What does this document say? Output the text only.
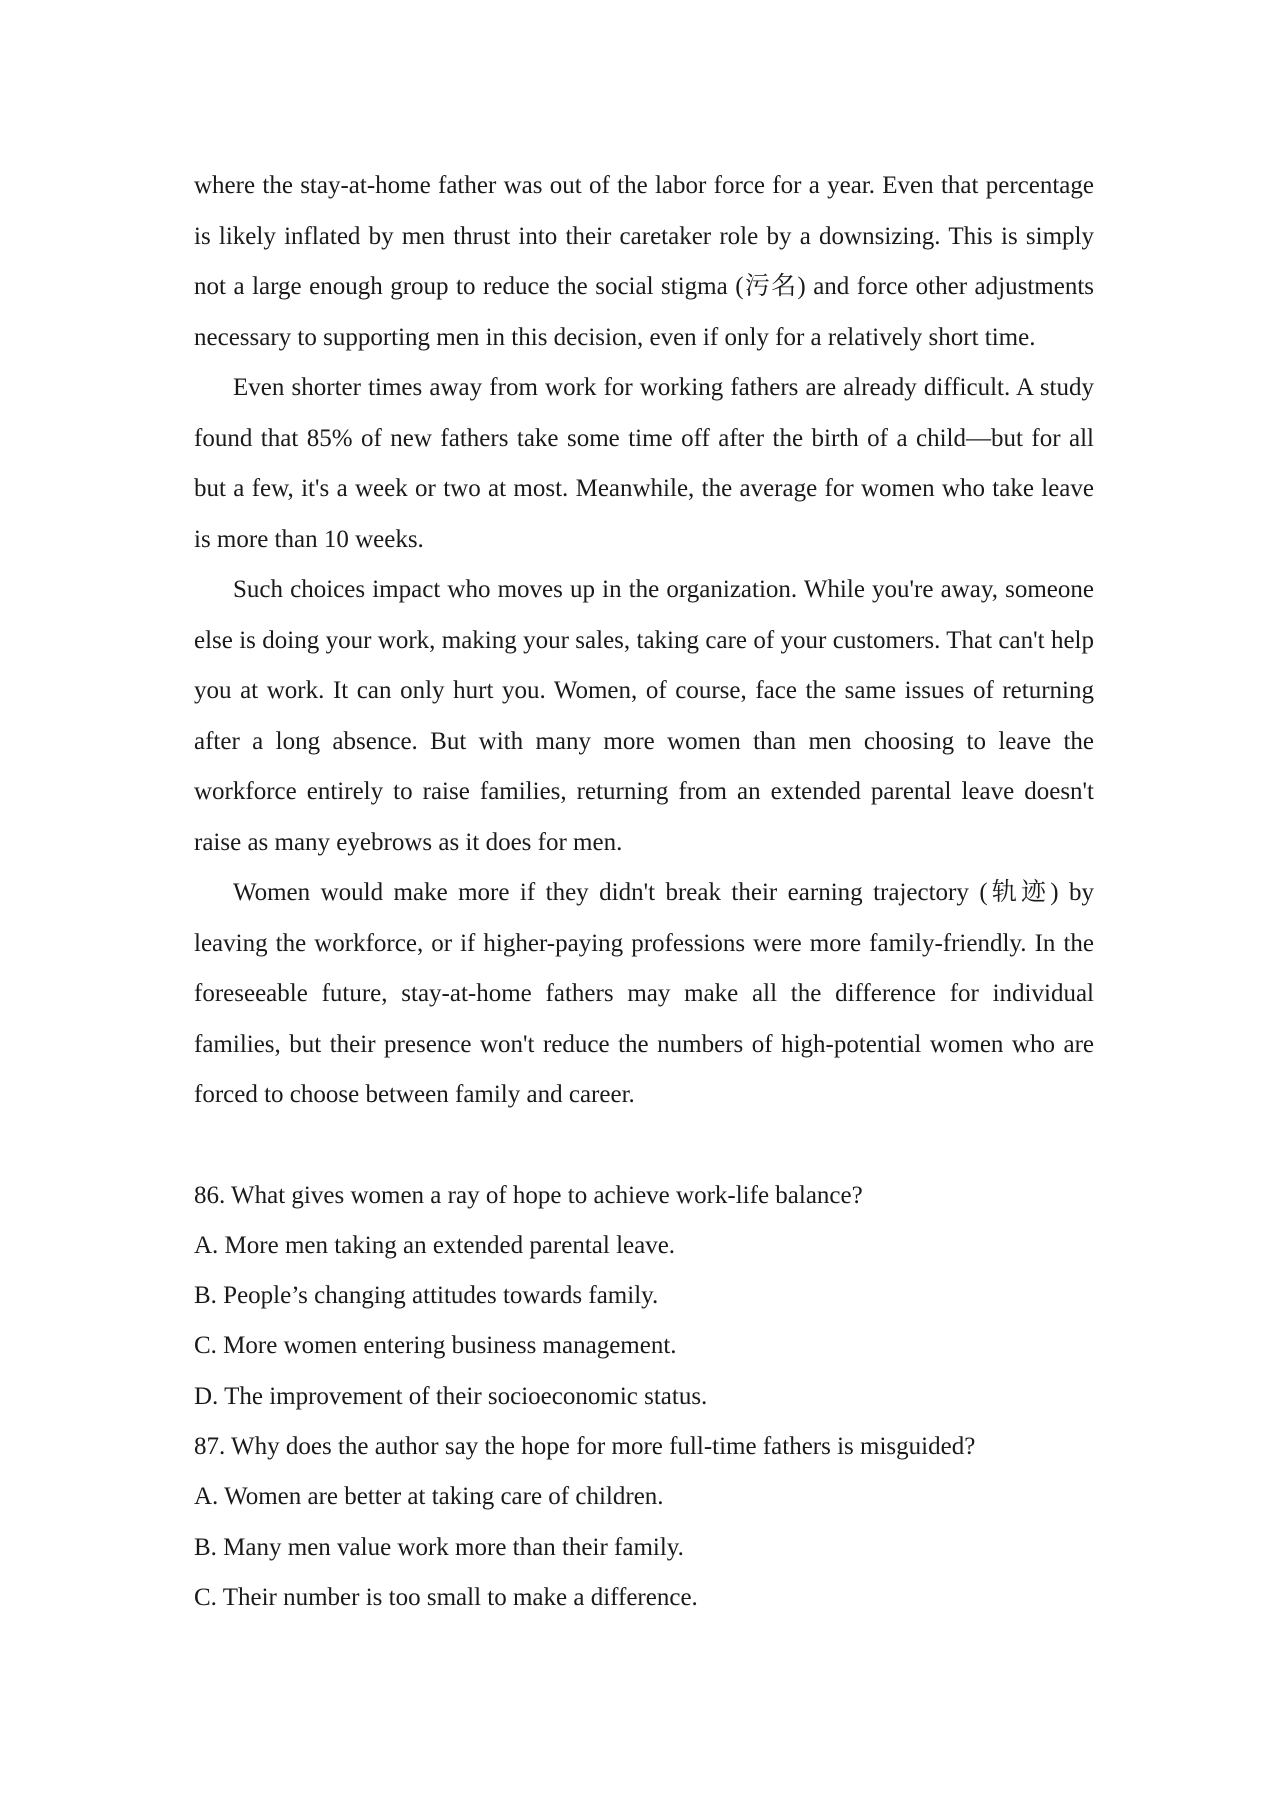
where the stay-at-home father was out of the labor force for a year. Even that percentage is likely inflated by men thrust into their caretaker role by a downsizing. This is simply not a large enough group to reduce the social stigma (污名) and force other adjustments necessary to supporting men in this decision, even if only for a relatively short time.

Even shorter times away from work for working fathers are already difficult. A study found that 85% of new fathers take some time off after the birth of a child—but for all but a few, it's a week or two at most. Meanwhile, the average for women who take leave is more than 10 weeks.

Such choices impact who moves up in the organization. While you're away, someone else is doing your work, making your sales, taking care of your customers. That can't help you at work. It can only hurt you. Women, of course, face the same issues of returning after a long absence. But with many more women than men choosing to leave the workforce entirely to raise families, returning from an extended parental leave doesn't raise as many eyebrows as it does for men.

Women would make more if they didn't break their earning trajectory (轨迹) by leaving the workforce, or if higher-paying professions were more family-friendly. In the foreseeable future, stay-at-home fathers may make all the difference for individual families, but their presence won't reduce the numbers of high-potential women who are forced to choose between family and career.

86. What gives women a ray of hope to achieve work-life balance?

A. More men taking an extended parental leave.

B. People’s changing attitudes towards family.

C. More women entering business management.

D. The improvement of their socioeconomic status.

87. Why does the author say the hope for more full-time fathers is misguided?

A. Women are better at taking care of children.

B. Many men value work more than their family.

C. Their number is too small to make a difference.
